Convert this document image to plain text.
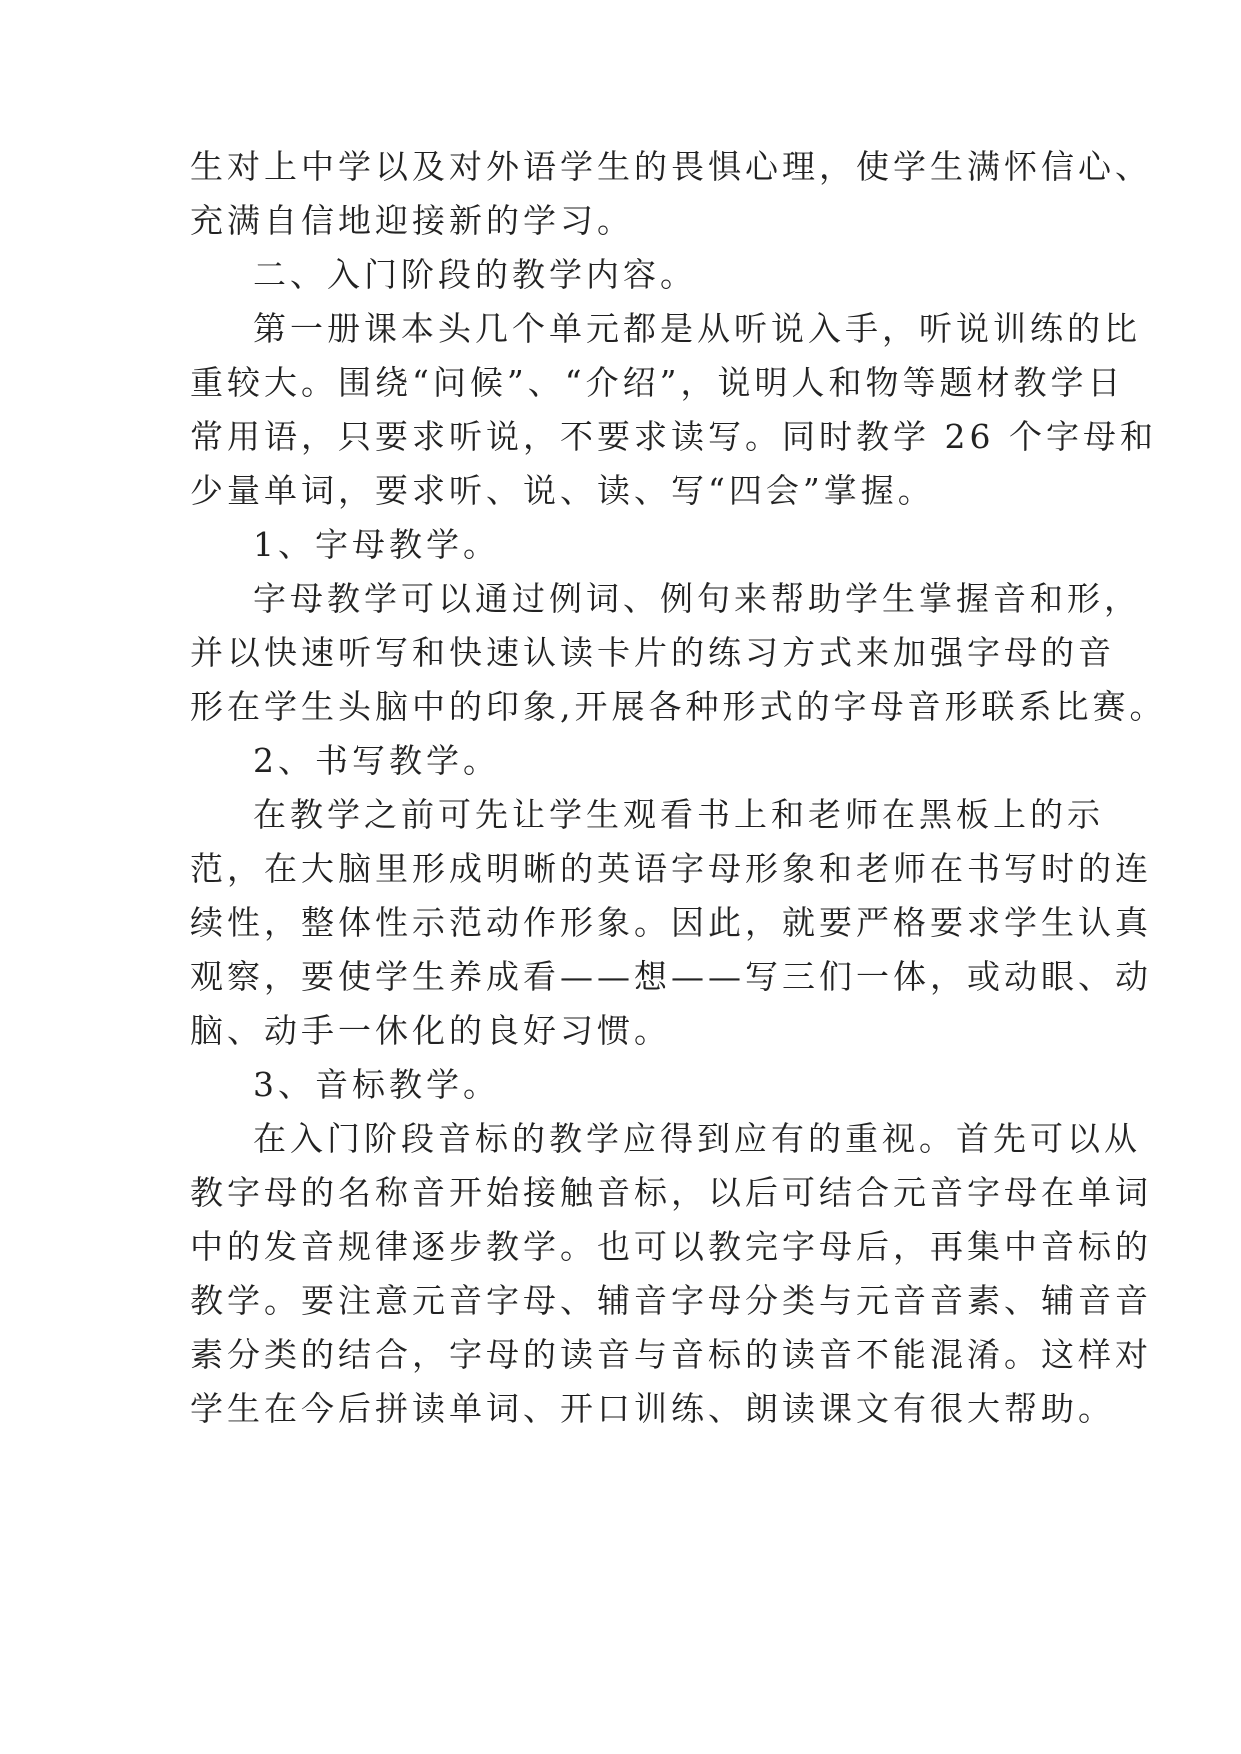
生对上中学以及对外语学生的畏惧心理，使学生满怀信心、
充满自信地迎接新的学习。
二、入门阶段的教学内容。
第一册课本头几个单元都是从听说入手，听说训练的比
重较大。围绕“问候”、“介绍”，说明人和物等题材教学日
常用语，只要求听说，不要求读写。同时教学 26 个字母和
少量单词，要求听、说、读、写“四会”掌握。
1、字母教学。
字母教学可以通过例词、例句来帮助学生掌握音和形，
并以快速听写和快速认读卡片的练习方式来加强字母的音
形在学生头脑中的印象,开展各种形式的字母音形联系比赛。
2、书写教学。
在教学之前可先让学生观看书上和老师在黑板上的示
范，在大脑里形成明晰的英语字母形象和老师在书写时的连
续性，整体性示范动作形象。因此，就要严格要求学生认真
观察，要使学生养成看——想——写三们一体，或动眼、动
脑、动手一休化的良好习惯。
3、音标教学。
在入门阶段音标的教学应得到应有的重视。首先可以从
教字母的名称音开始接触音标，以后可结合元音字母在单词
中的发音规律逐步教学。也可以教完字母后，再集中音标的
教学。要注意元音字母、辅音字母分类与元音音素、辅音音
素分类的结合，字母的读音与音标的读音不能混淆。这样对
学生在今后拼读单词、开口训练、朗读课文有很大帮助。
